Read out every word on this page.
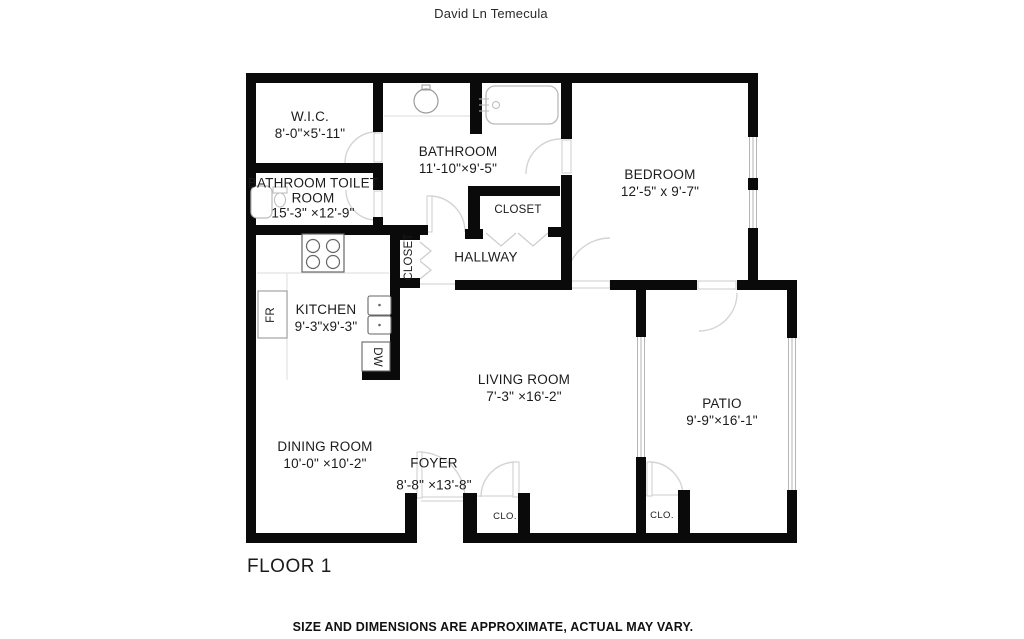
David Ln Temecula
W.I.C.
8'-0"×5'-11"
BATHROOM TOILET ROOM
15'-3" ×12'-9"
BATHROOM
11'-10"×9'-5"
CLOSET
BEDROOM
12'-5" x 9'-7"
HALLWAY
CLOSET
KITCHEN
9'-3"x9'-3"
FR
DW
LIVING ROOM
7'-3" ×16'-2"	PATIO
9'-9"×16'-1"
DINING ROOM
10'-0" ×10'-2"	FOYER
8'-8" ×13'-8"
CLO.	CLO.
FLOOR 1
SIZE AND DIMENSIONS ARE APPROXIMATE, ACTUAL MAY VARY.
